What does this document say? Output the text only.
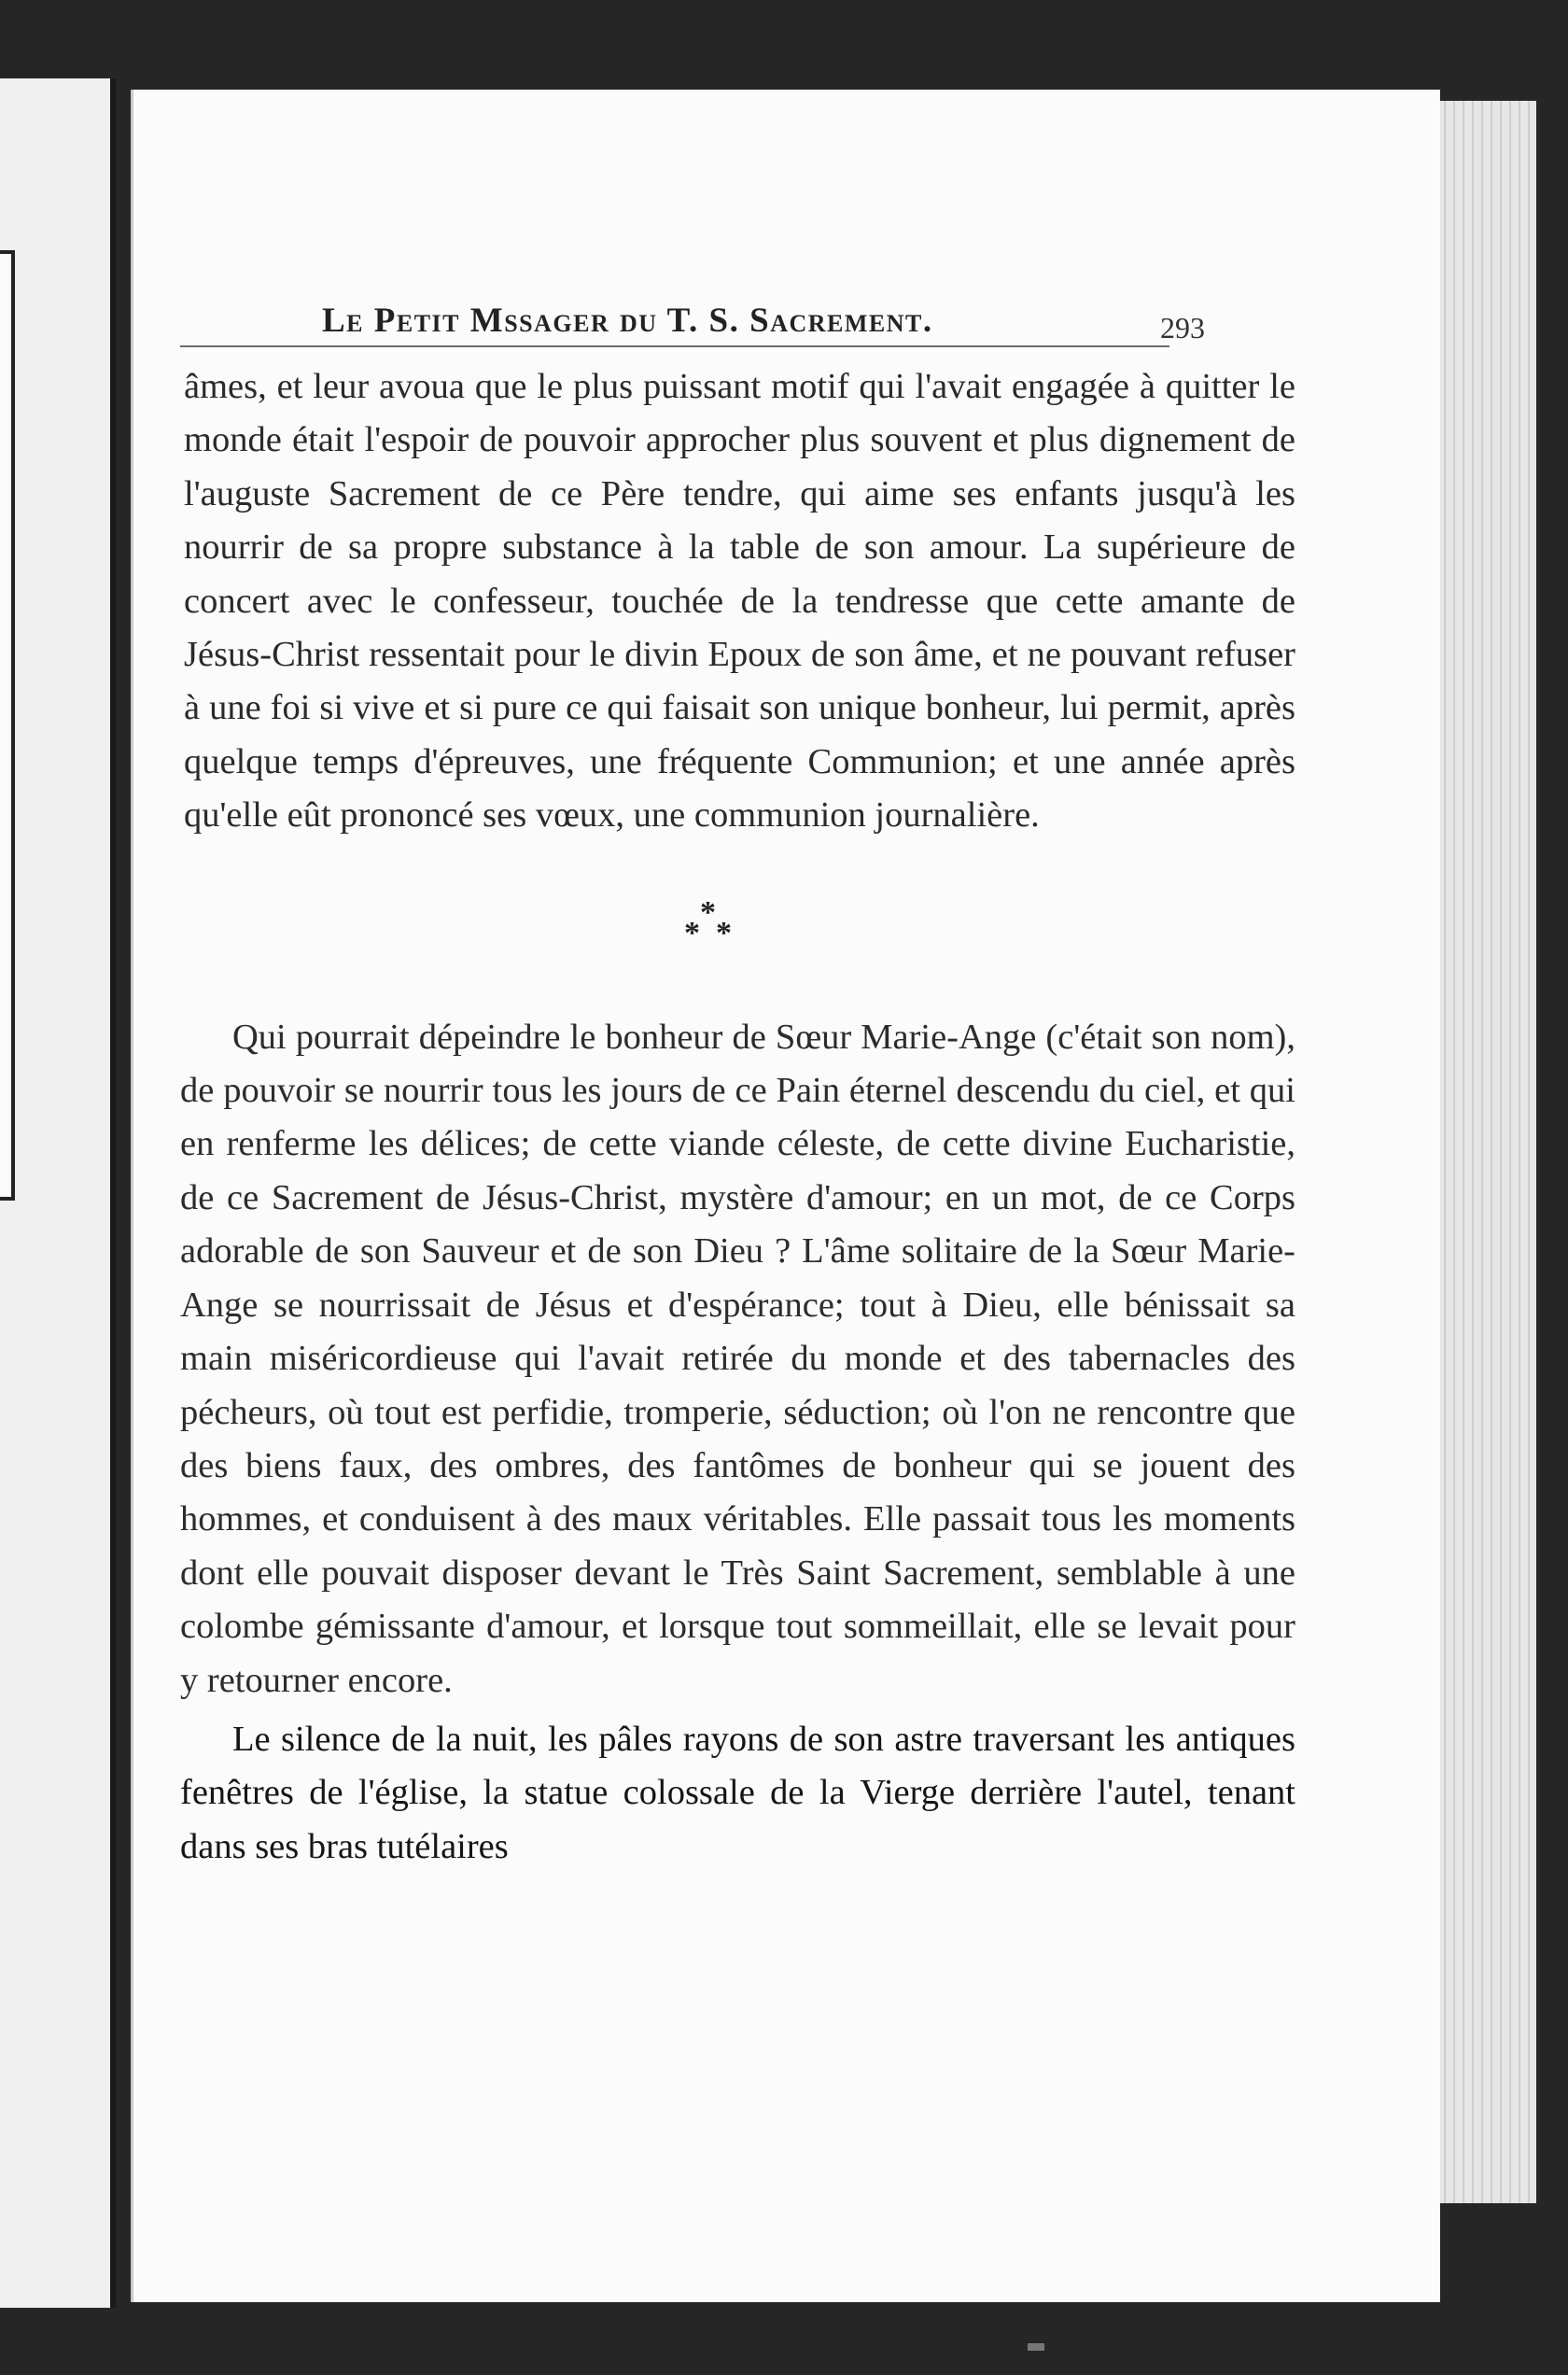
Le Petit Mssager du T. S. Sacrement.	293

âmes, et leur avoua que le plus puissant motif qui l'avait engagée à quitter le monde était l'espoir de pouvoir approcher plus souvent et plus dignement de l'auguste Sacrement de ce Père tendre, qui aime ses enfants jusqu'à les nourrir de sa propre substance à la table de son amour. La supérieure de concert avec le confesseur, touchée de la tendresse que cette amante de Jésus-Christ ressentait pour le divin Epoux de son âme, et ne pouvant refuser à une foi si vive et si pure ce qui faisait son unique bonheur, lui permit, après quelque temps d'épreuves, une fréquente Communion; et une année après qu'elle eût prononcé ses vœux, une communion journalière.

*
* *

Qui pourrait dépeindre le bonheur de Sœur Marie-Ange (c'était son nom), de pouvoir se nourrir tous les jours de ce Pain éternel descendu du ciel, et qui en renferme les délices; de cette viande céleste, de cette divine Eucharistie, de ce Sacrement de Jésus-Christ, mystère d'amour; en un mot, de ce Corps adorable de son Sauveur et de son Dieu ? L'âme solitaire de la Sœur Marie-Ange se nourrissait de Jésus et d'espérance; tout à Dieu, elle bénissait sa main miséricordieuse qui l'avait retirée du monde et des tabernacles des pécheurs, où tout est perfidie, tromperie, séduction; où l'on ne rencontre que des biens faux, des ombres, des fantômes de bonheur qui se jouent des hommes, et conduisent à des maux véritables. Elle passait tous les moments dont elle pouvait disposer devant le Très Saint Sacrement, semblable à une colombe gémissante d'amour, et lorsque tout sommeillait, elle se levait pour y retourner encore.

Le silence de la nuit, les pâles rayons de son astre traversant les antiques fenêtres de l'église, la statue colossale de la Vierge derrière l'autel, tenant dans ses bras tutélaires
